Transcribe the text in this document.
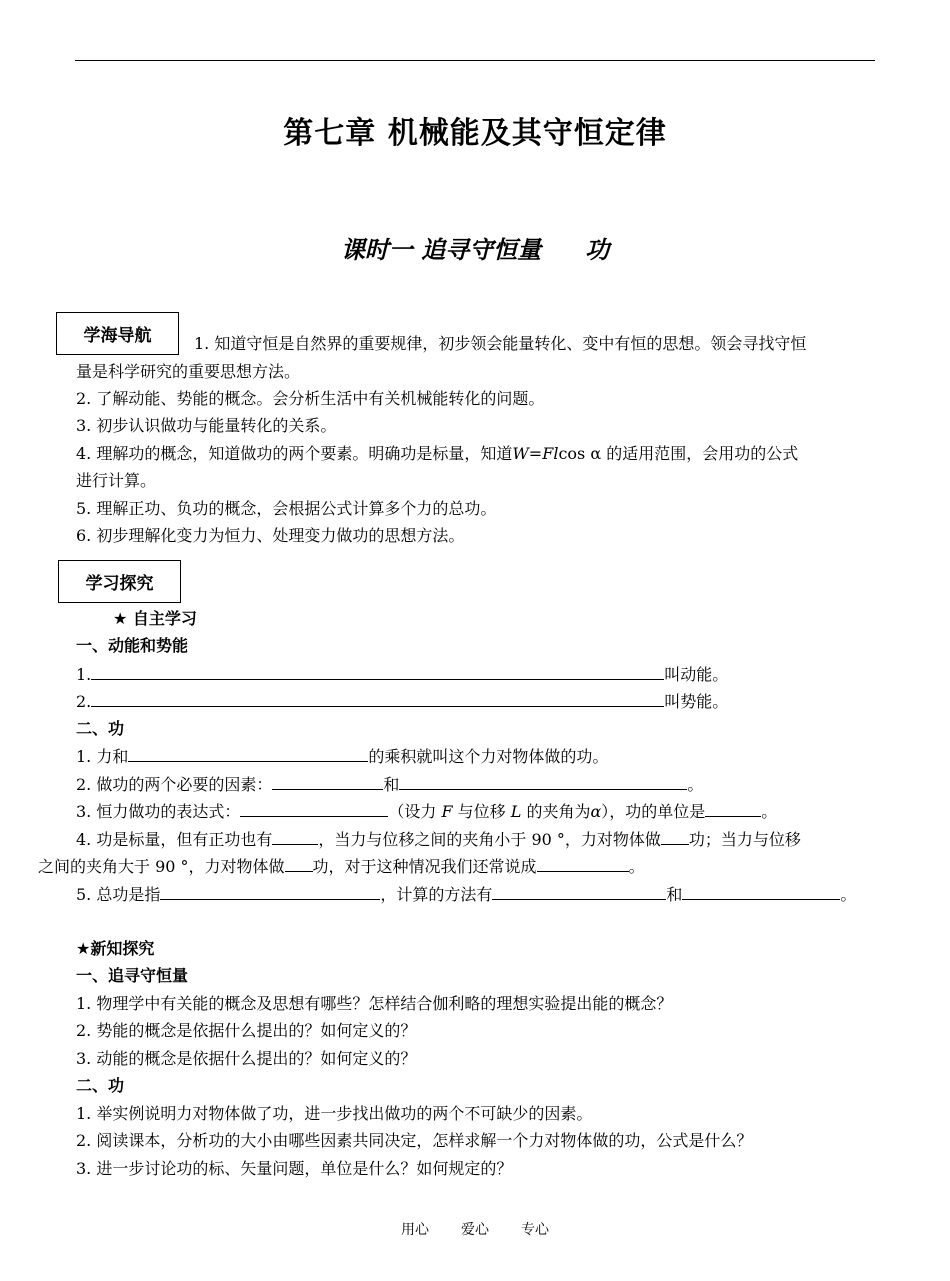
第七章 机械能及其守恒定律
课时一 追寻守恒量 功
学海导航	1. 知道守恒是自然界的重要规律，初步领会能量转化、变中有恒的思想。领会寻找守恒
量是科学研究的重要思想方法。
2. 了解动能、势能的概念。会分析生活中有关机械能转化的问题。
3. 初步认识做功与能量转化的关系。
4. 理解功的概念，知道做功的两个要素。明确功是标量，知道W=Flcos α 的适用范围，会用功的公式
进行计算。
5. 理解正功、负功的概念，会根据公式计算多个力的总功。
6. 初步理解化变力为恒力、处理变力做功的思想方法。
学习探究
★ 自主学习
一、动能和势能
1.	叫动能。
2.	叫势能。
二、功
1. 力和	的乘积就叫这个力对物体做的功。
2. 做功的两个必要的因素：	和	。
3. 恒力做功的表达式：	（设力 F 与位移 L 的夹角为α），功的单位是	。
4. 功是标量，但有正功也有	，当力与位移之间的夹角小于 90 °，力对物体做 功；当力与位移
之间的夹角大于 90 °，力对物体做 功，对于这种情况我们还常说成	。
5. 总功是指	，计算的方法有	和	。
★新知探究
一、追寻守恒量
1. 物理学中有关能的概念及思想有哪些？怎样结合伽利略的理想实验提出能的概念？
2. 势能的概念是依据什么提出的？如何定义的？
3. 动能的概念是依据什么提出的？如何定义的？
二、功
1. 举实例说明力对物体做了功，进一步找出做功的两个不可缺少的因素。
2. 阅读课本，分析功的大小由哪些因素共同决定，怎样求解一个力对物体做的功，公式是什么？
3. 进一步讨论功的标、矢量问题，单位是什么？如何规定的？
用心 爱心 专心
